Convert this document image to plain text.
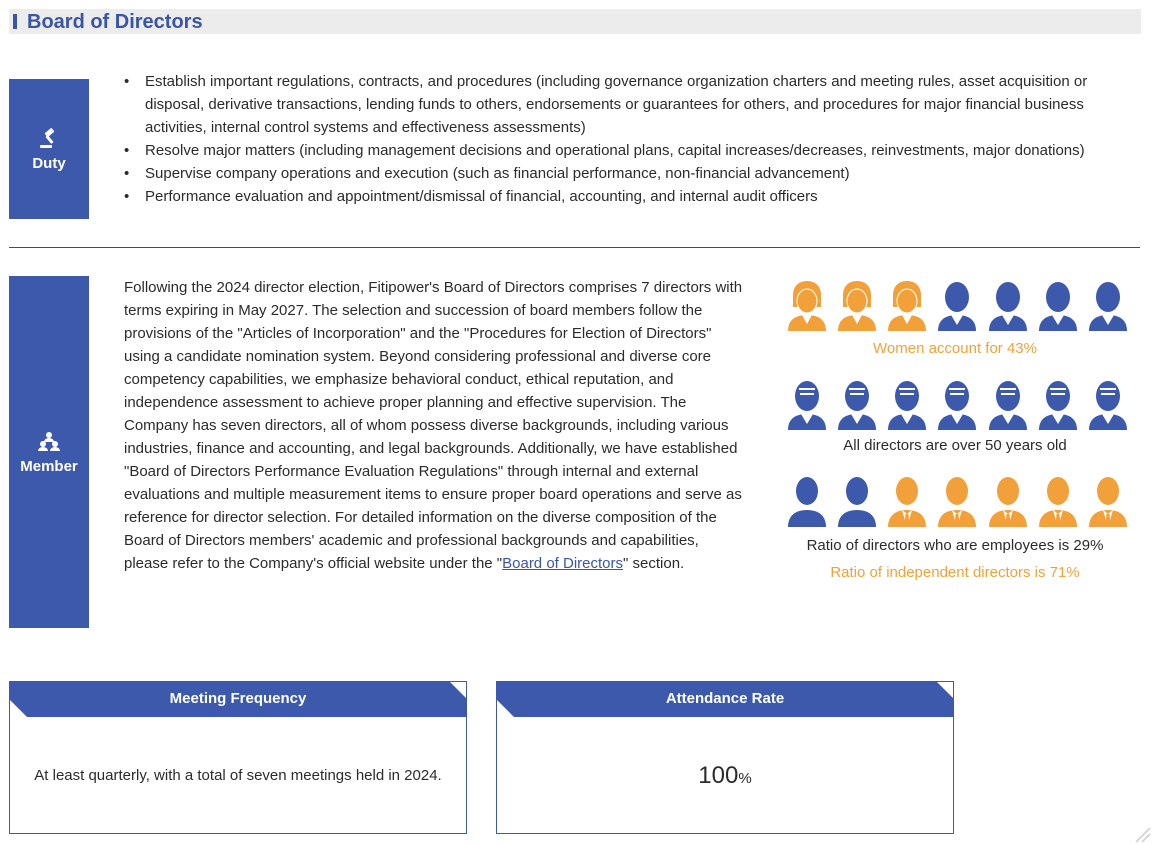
Board of Directors
Duty
• Establish important regulations, contracts, and procedures (including governance organization charters and meeting rules, asset acquisition or disposal, derivative transactions, lending funds to others, endorsements or guarantees for others, and procedures for major financial business activities, internal control systems and effectiveness assessments)
• Resolve major matters (including management decisions and operational plans, capital increases/decreases, reinvestments, major donations)
• Supervise company operations and execution (such as financial performance, non-financial advancement)
• Performance evaluation and appointment/dismissal of financial, accounting, and internal audit officers
Member
Following the 2024 director election, Fitipower's Board of Directors comprises 7 directors with terms expiring in May 2027. The selection and succession of board members follow the provisions of the "Articles of Incorporation" and the "Procedures for Election of Directors" using a candidate nomination system. Beyond considering professional and diverse core competency capabilities, we emphasize behavioral conduct, ethical reputation, and independence assessment to achieve proper planning and effective supervision. The Company has seven directors, all of whom possess diverse backgrounds, including various industries, finance and accounting, and legal backgrounds. Additionally, we have established "Board of Directors Performance Evaluation Regulations" through internal and external evaluations and multiple measurement items to ensure proper board operations and serve as reference for director selection. For detailed information on the diverse composition of the Board of Directors members' academic and professional backgrounds and capabilities, please refer to the Company's official website under the "Board of Directors" section.
Women account for 43%
All directors are over 50 years old
Ratio of directors who are employees is 29%
Ratio of independent directors is 71%
Meeting Frequency
At least quarterly, with a total of seven meetings held in 2024.
Attendance Rate
100%
